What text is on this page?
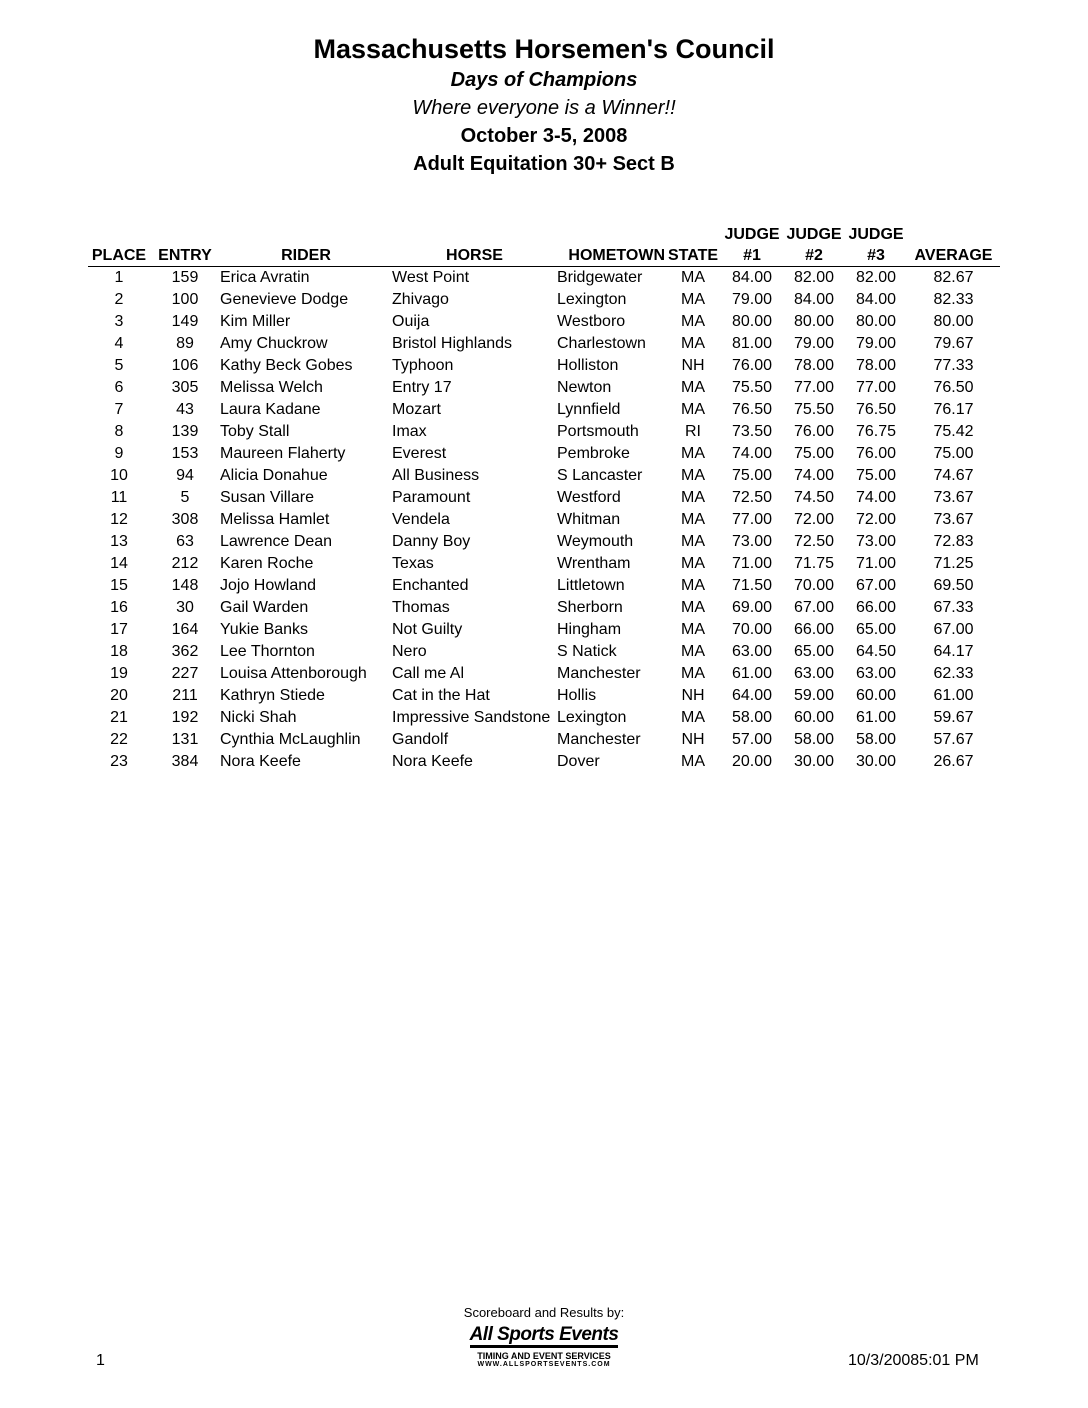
Massachusetts Horsemen's Council
Days of Champions
Where everyone is a Winner!!
October 3-5, 2008
Adult Equitation 30+ Sect B
						JUDGE	JUDGE	JUDGE	
PLACE	ENTRY	RIDER	HORSE	HOMETOWN	STATE	#1	#2	#3	AVERAGE
1	159	Erica Avratin	West Point	Bridgewater	MA	84.00	82.00	82.00	82.67
2	100	Genevieve Dodge	Zhivago	Lexington	MA	79.00	84.00	84.00	82.33
3	149	Kim Miller	Ouija	Westboro	MA	80.00	80.00	80.00	80.00
4	89	Amy Chuckrow	Bristol Highlands	Charlestown	MA	81.00	79.00	79.00	79.67
5	106	Kathy Beck Gobes	Typhoon	Holliston	NH	76.00	78.00	78.00	77.33
6	305	Melissa Welch	Entry 17	Newton	MA	75.50	77.00	77.00	76.50
7	43	Laura Kadane	Mozart	Lynnfield	MA	76.50	75.50	76.50	76.17
8	139	Toby Stall	Imax	Portsmouth	RI	73.50	76.00	76.75	75.42
9	153	Maureen Flaherty	Everest	Pembroke	MA	74.00	75.00	76.00	75.00
10	94	Alicia Donahue	All Business	S Lancaster	MA	75.00	74.00	75.00	74.67
11	5	Susan Villare	Paramount	Westford	MA	72.50	74.50	74.00	73.67
12	308	Melissa Hamlet	Vendela	Whitman	MA	77.00	72.00	72.00	73.67
13	63	Lawrence Dean	Danny Boy	Weymouth	MA	73.00	72.50	73.00	72.83
14	212	Karen Roche	Texas	Wrentham	MA	71.00	71.75	71.00	71.25
15	148	Jojo Howland	Enchanted	Littletown	MA	71.50	70.00	67.00	69.50
16	30	Gail Warden	Thomas	Sherborn	MA	69.00	67.00	66.00	67.33
17	164	Yukie Banks	Not Guilty	Hingham	MA	70.00	66.00	65.00	67.00
18	362	Lee Thornton	Nero	S Natick	MA	63.00	65.00	64.50	64.17
19	227	Louisa Attenborough	Call me Al	Manchester	MA	61.00	63.00	63.00	62.33
20	211	Kathryn Stiede	Cat in the Hat	Hollis	NH	64.00	59.00	60.00	61.00
21	192	Nicki Shah	Impressive Sandstone	Lexington	MA	58.00	60.00	61.00	59.67
22	131	Cynthia McLaughlin	Gandolf	Manchester	NH	57.00	58.00	58.00	57.67
23	384	Nora Keefe	Nora Keefe	Dover	MA	20.00	30.00	30.00	26.67
Scoreboard and Results by:
All Sports Events
TIMING AND EVENT SERVICES
WWW.ALLSPORTSEVENTS.COM
1	10/3/20085:01 PM
